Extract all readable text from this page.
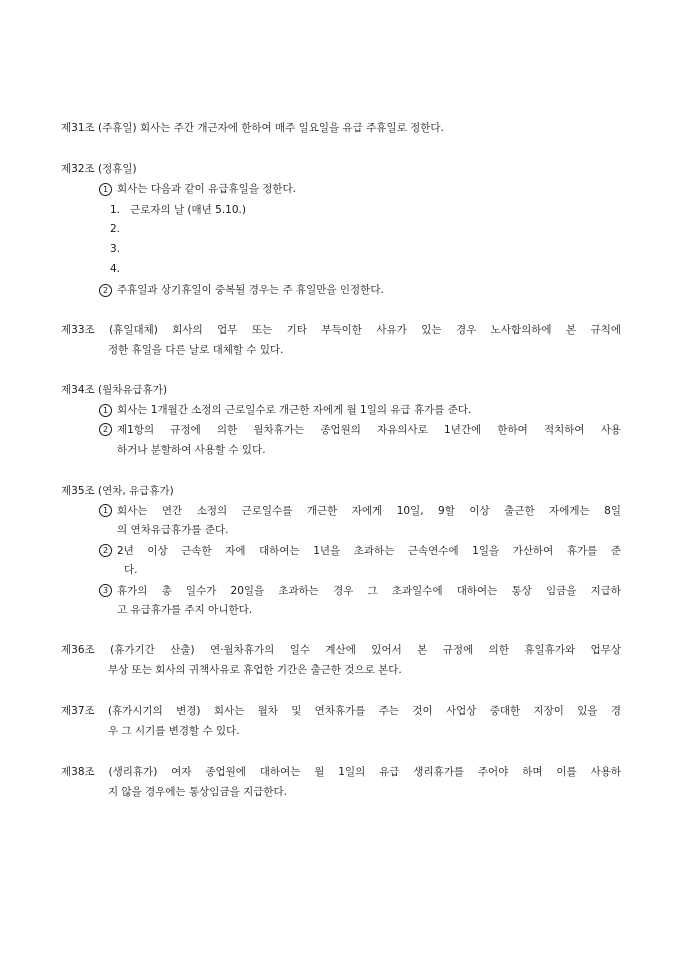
제31조 (주휴일) 회사는 주간 개근자에 한하여 매주 일요일을 유급 주휴일로 정한다.
제32조 (정휴일)
1 회사는 다음과 같이 유급휴일을 정한다.
1. 근로자의 날 (매년 5.10.)
2.
3.
4.
2 주휴일과 상기휴일이 중복될 경우는 주 휴일만을 인정한다.
제33조 (휴일대체) 회사의 업무 또는 기타 부득이한 사유가 있는 경우 노사합의하에 본 규칙에
정한 휴일을 다른 날로 대체할 수 있다.
제34조 (월차유급휴가)
1 회사는 1개월간 소정의 근로일수로 개근한 자에게 월 1일의 유급 휴가를 준다.
2 제1항의 규정에 의한 월차휴가는 종업원의 자유의사로 1년간에 한하여 적치하여 사용
하거나 분할하여 사용할 수 있다.
제35조 (연차, 유급휴가)
1 회사는 연간 소정의 근로일수를 개근한 자에게 10일, 9할 이상 출근한 자에게는 8일
의 연차유급휴가를 준다.
2 2년 이상 근속한 자에 대하여는 1년을 초과하는 근속연수에 1일을 가산하여 휴가를 준
다.
3 휴가의 총 일수가 20일을 초과하는 경우 그 초과일수에 대하여는 통상 임금을 지급하
고 유급휴가를 주지 아니한다.
제36조 (휴가기간 산출) 연·월차휴가의 일수 계산에 있어서 본 규정에 의한 휴일휴가와 업무상
부상 또는 회사의 귀책사유로 휴업한 기간은 출근한 것으로 본다.
제37조 (휴가시기의 변경) 회사는 월차 및 연차휴가를 주는 것이 사업상 중대한 지장이 있을 경
우 그 시기를 변경할 수 있다.
제38조 (생리휴가) 여자 종업원에 대하여는 월 1일의 유급 생리휴가를 주어야 하며 이를 사용하
지 않을 경우에는 통상임금을 지급한다.
